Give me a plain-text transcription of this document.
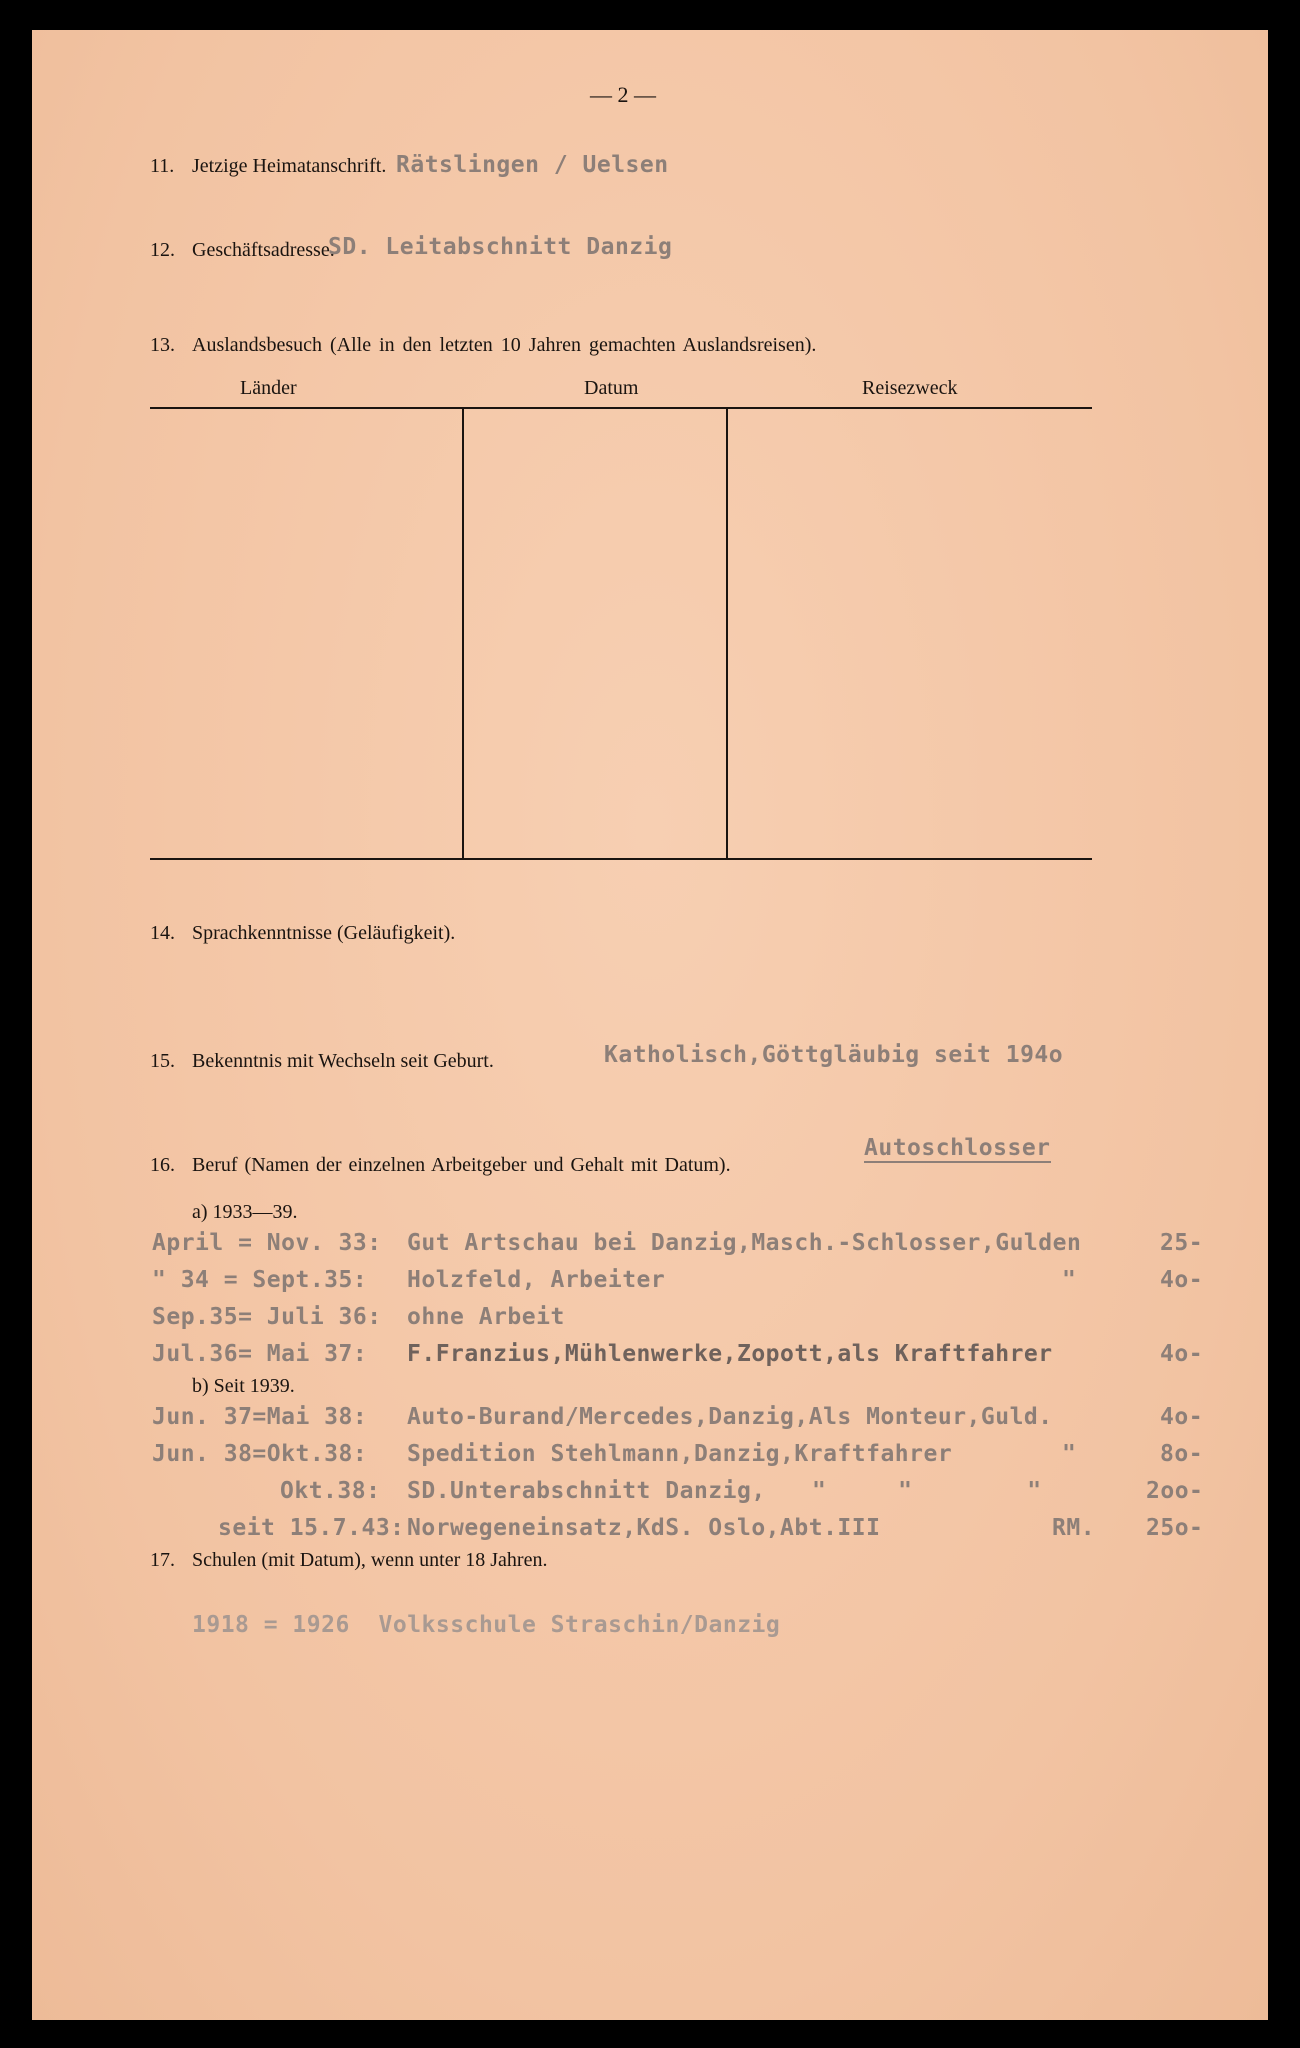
— 2 —
11. Jetzige Heimatanschrift. Rätslingen / Uelsen
12. Geschäftsadresse.
SD. Leitabschnitt Danzig
13. Auslandsbesuch (Alle in den letzten 10 Jahren gemachten Auslandsreisen).
Länder	Datum	Reisezweck
14. Sprachkenntnisse (Geläufigkeit).
15. Bekenntnis mit Wechseln seit Geburt.	Katholisch,Göttgläubig seit 194o
16. Beruf (Namen der einzelnen Arbeitgeber und Gehalt mit Datum).
Autoschlosser
a) 1933—39.
April = Nov. 33: Gut Artschau bei Danzig,Masch.-Schlosser,Gulden	25-
" 34 = Sept.35: Holzfeld, Arbeiter	"	4o-
Sep.35= Juli 36: ohne Arbeit
Jul.36= Mai 37: F.Franzius,Mühlenwerke,Zopott,als Kraftfahrer	4o-
b) Seit 1939.
Jun. 37=Mai 38: Auto-Burand/Mercedes,Danzig,Als Monteur,Guld.	4o-
Jun. 38=Okt.38: Spedition Stehlmann,Danzig,Kraftfahrer	"	8o-
Okt.38: SD.Unterabschnitt Danzig, "     "        "	2oo-
seit 15.7.43: Norwegeneinsatz,KdS. Oslo,Abt.III	RM. 25o-
17. Schulen (mit Datum), wenn unter 18 Jahren.
1918 = 1926  Volksschule Straschin/Danzig
